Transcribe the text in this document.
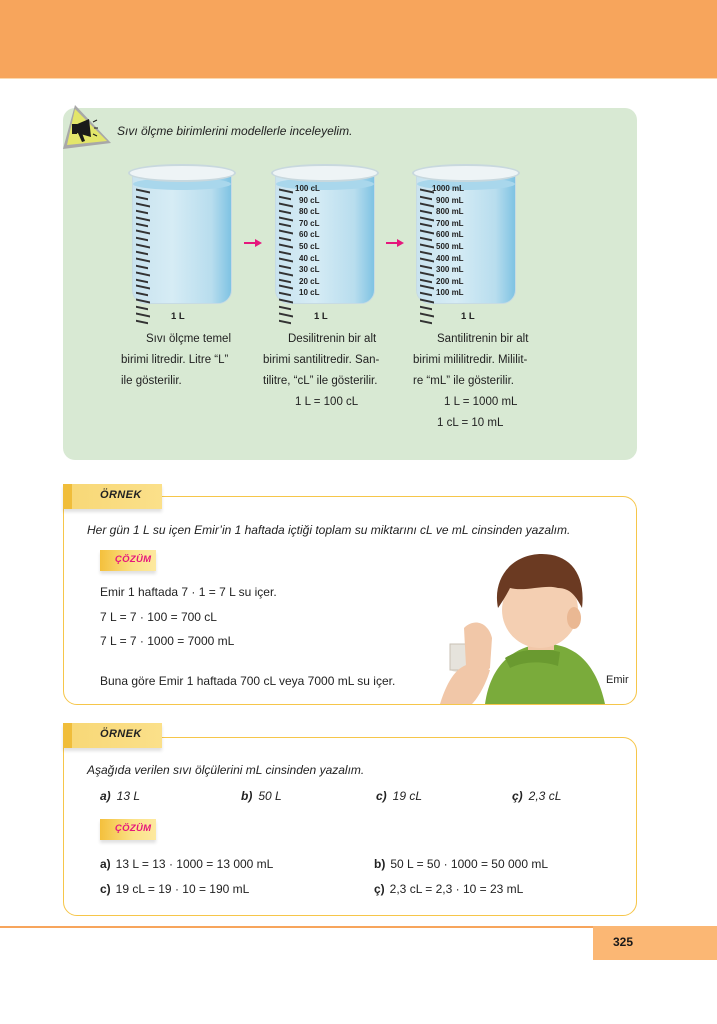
Sıvı ölçme birimlerini modellerle inceleyelim.
1 L
100 cL
90 cL
80 cL
70 cL
60 cL
50 cL
40 cL
30 cL
20 cL
10 cL
1 L
1000 mL
900 mL
800 mL
700 mL
600 mL
500 mL
400 mL
300 mL
200 mL
100 mL
1 L
Sıvı ölçme temel
birimi litredir. Litre “L”
ile gösterilir.
Desilitrenin bir alt
birimi santilitredir. San-
tilitre, “cL” ile gösterilir.
1 L = 100 cL
Santilitrenin bir alt
birimi mililitredir. Mililit-
re “mL” ile gösterilir.
1 L = 1000 mL
1 cL = 10 mL
ÖRNEK
Her gün 1 L su içen Emir’in 1 haftada içtiği toplam su miktarını cL ve mL cinsinden yazalım.
ÇÖZÜM
Emir 1 haftada 7 · 1 = 7 L su içer.
7 L = 7 · 100 = 700 cL
7 L = 7 · 1000 = 7000 mL
Buna göre Emir 1 haftada 700 cL veya 7000 mL su içer.	Emir
ÖRNEK
Aşağıda verilen sıvı ölçülerini mL cinsinden yazalım.
a) 13 L	b) 50 L	c) 19 cL	ç) 2,3 cL
ÇÖZÜM
a) 13 L = 13 · 1000 = 13 000 mL	b) 50 L = 50 · 1000 = 50 000 mL
c) 19 cL = 19 · 10 = 190 mL	ç) 2,3 cL = 2,3 · 10 = 23 mL
325
